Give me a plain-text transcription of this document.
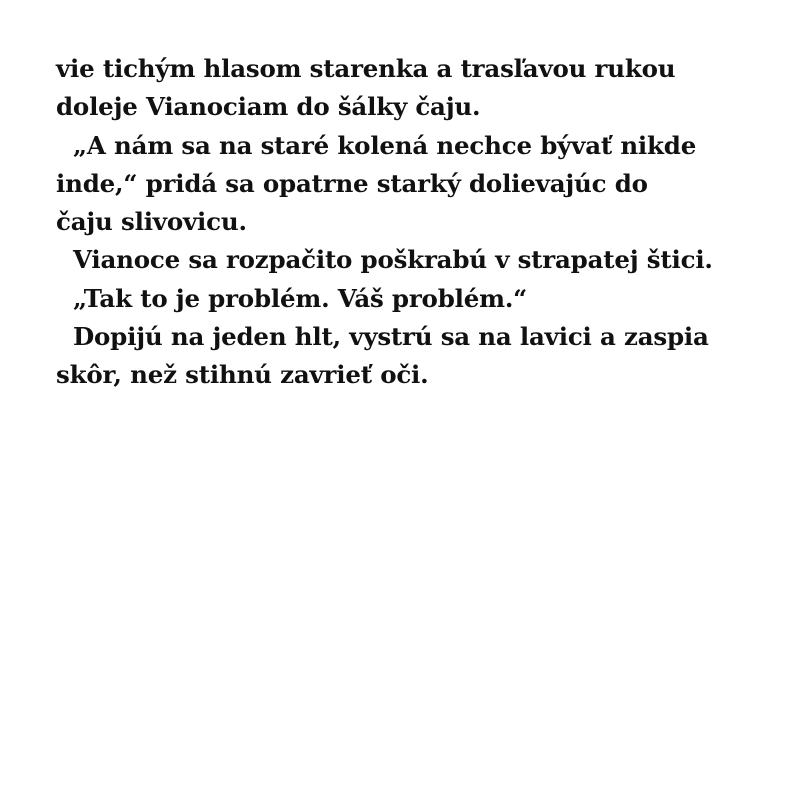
vie tichým hlasom starenka a trasľavou rukou
doleje Vianociam do šálky čaju.
„A nám sa na staré kolená nechce bývať nikde
inde,“ pridá sa opatrne starký dolievajúc do
čaju slivovicu.
Vianoce sa rozpačito poškrabú v strapatej štici.
„Tak to je problém. Váš problém.“
Dopijú na jeden hlt, vystrú sa na lavici a zaspia
skôr, než stihnú zavrieť oči.
